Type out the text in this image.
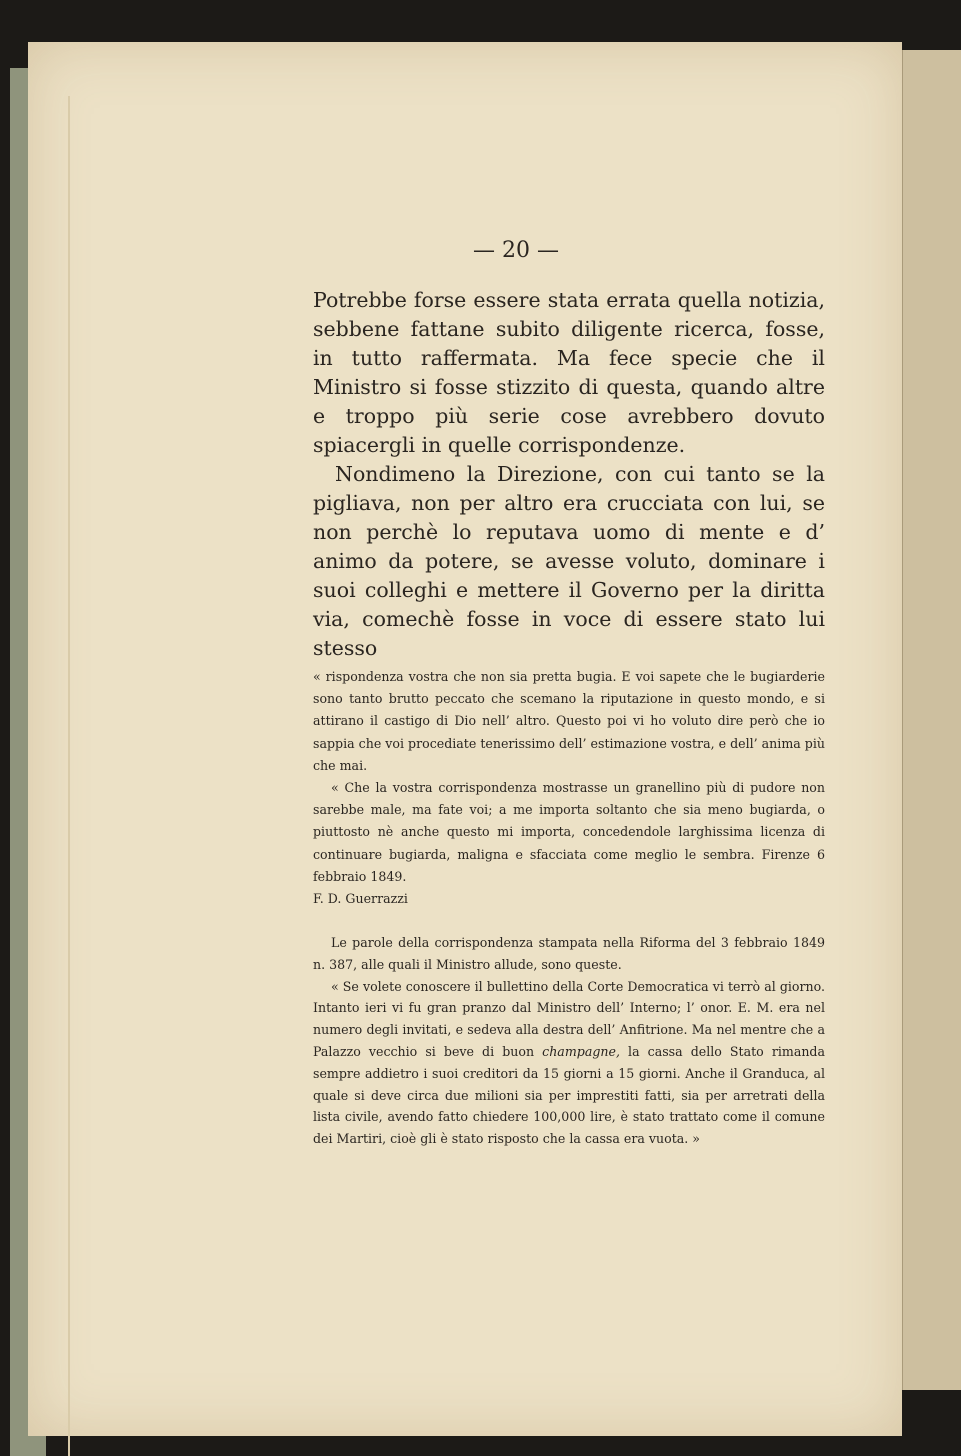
— 20 —

Potrebbe forse essere stata errata quella notizia, sebbene fattane subito diligente ricerca, fosse, in tutto raffermata. Ma fece specie che il Ministro si fosse stizzito di questa, quando altre e troppo più serie cose avrebbero dovuto spiacergli in quelle corrispondenze.

Nondimeno la Direzione, con cui tanto se la pigliava, non per altro era crucciata con lui, se non perchè lo reputava uomo di mente e d’ animo da potere, se avesse voluto, dominare i suoi colleghi e mettere il Governo per la diritta via, comechè fosse in voce di essere stato lui stesso

« rispondenza vostra che non sia pretta bugia. E voi sapete che le bugiarderie sono tanto brutto peccato che scemano la riputazione in questo mondo, e si attirano il castigo di Dio nell’ altro. Questo poi vi ho voluto dire però che io sappia che voi procediate tenerissimo dell’ estimazione vostra, e dell’ anima più che mai.

« Che la vostra corrispondenza mostrasse un granellino più di pudore non sarebbe male, ma fate voi; a me importa soltanto che sia meno bugiarda, o piuttosto nè anche questo mi importa, concedendole larghissima licenza di continuare bugiarda, maligna e sfacciata come meglio le sembra. Firenze 6 febbraio 1849.

F. D. Guerrazzi

Le parole della corrispondenza stampata nella Riforma del 3 febbraio 1849 n. 387, alle quali il Ministro allude, sono queste.

« Se volete conoscere il bullettino della Corte Democratica vi terrò al giorno. Intanto ieri vi fu gran pranzo dal Ministro dell’ Interno; l’ onor. E. M. era nel numero degli invitati, e sedeva alla destra dell’ Anfitrione. Ma nel mentre che a Palazzo vecchio si beve di buon champagne, la cassa dello Stato rimanda sempre addietro i suoi creditori da 15 giorni a 15 giorni. Anche il Granduca, al quale si deve circa due milioni sia per imprestiti fatti, sia per arretrati della lista civile, avendo fatto chiedere 100,000 lire, è stato trattato come il comune dei Martiri, cioè gli è stato risposto che la cassa era vuota. »
